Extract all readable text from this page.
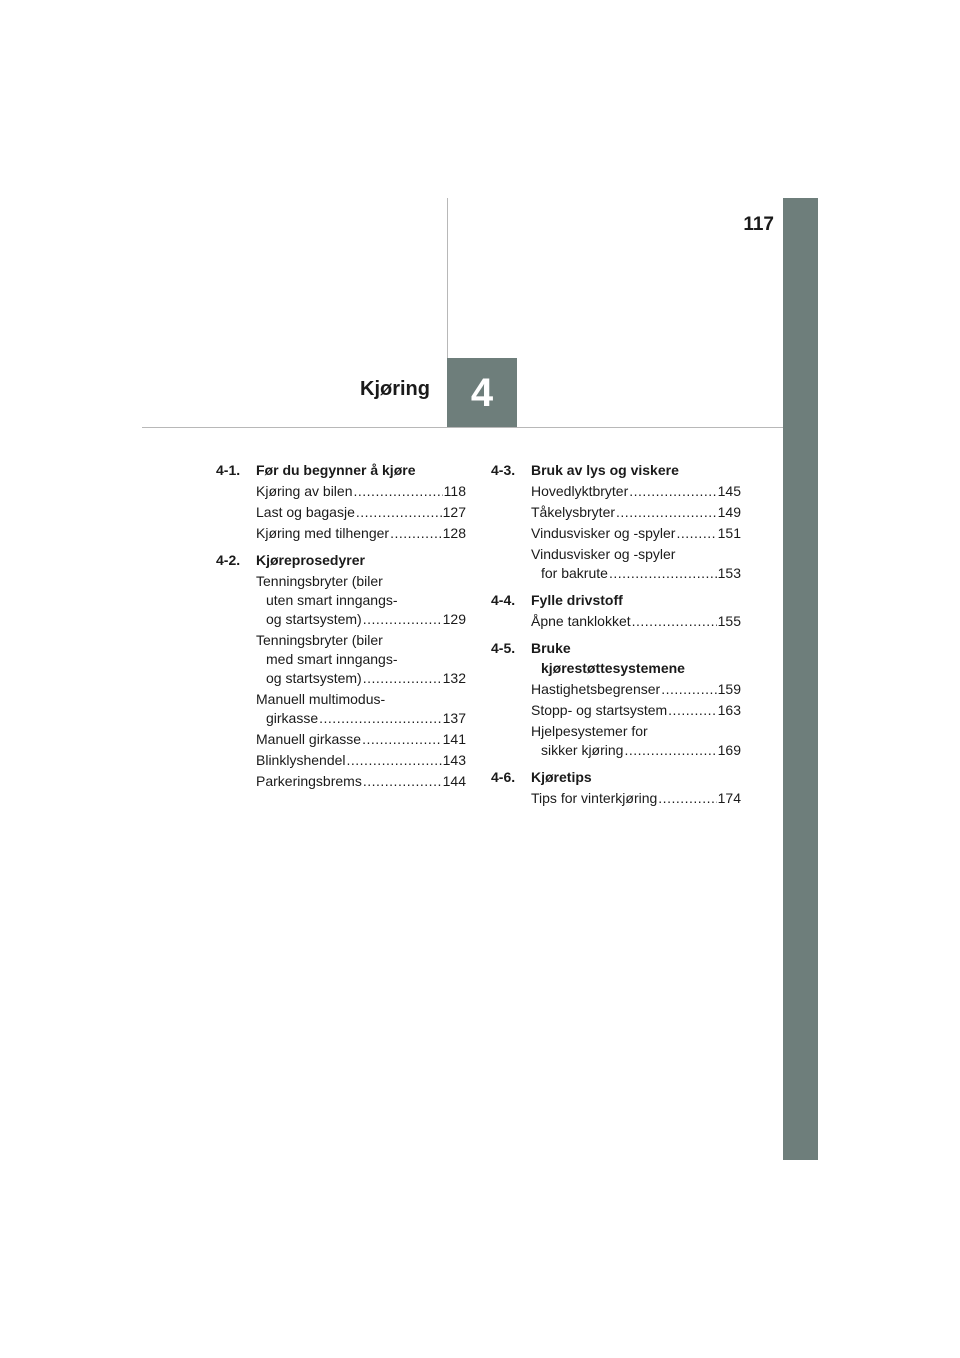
117
4
Kjøring
4-1.	Før du begynner å kjøre
Kjøring av bilen .....	118
Last og bagasje .....	127
Kjøring med tilhenger .....	128
4-2.	Kjøreprosedyrer
Tenningsbryter (biler
uten smart inngangs-
og startsystem) .....	129
Tenningsbryter (biler
med smart inngangs-
og startsystem) .....	132
Manuell multimodus-
girkasse .....	137
Manuell girkasse .....	141
Blinklyshendel .....	143
Parkeringsbrems .....	144
4-3.	Bruk av lys og viskere
Hovedlyktbryter .....	145
Tåkelysbryter .....	149
Vindusvisker og -spyler .....	151
Vindusvisker og -spyler
for bakrute .....	153
4-4.	Fylle drivstoff
Åpne tanklokket .....	155
4-5.	Bruke
kjørestøttesystemene
Hastighetsbegrenser .....	159
Stopp- og startsystem .....	163
Hjelpesystemer for
sikker kjøring .....	169
4-6.	Kjøretips
Tips for vinterkjøring .....	174
